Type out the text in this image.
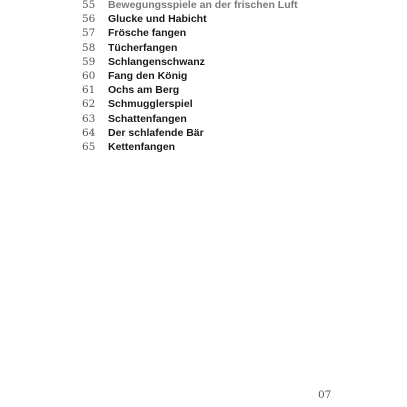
55	Bewegungsspiele an der frischen Luft
56	Glucke und Habicht
57	Frösche fangen
58	Tücherfangen
59	Schlangenschwanz
60	Fang den König
61	Ochs am Berg
62	Schmugglerspiel
63	Schattenfangen
64	Der schlafende Bär
65	Kettenfangen
07
